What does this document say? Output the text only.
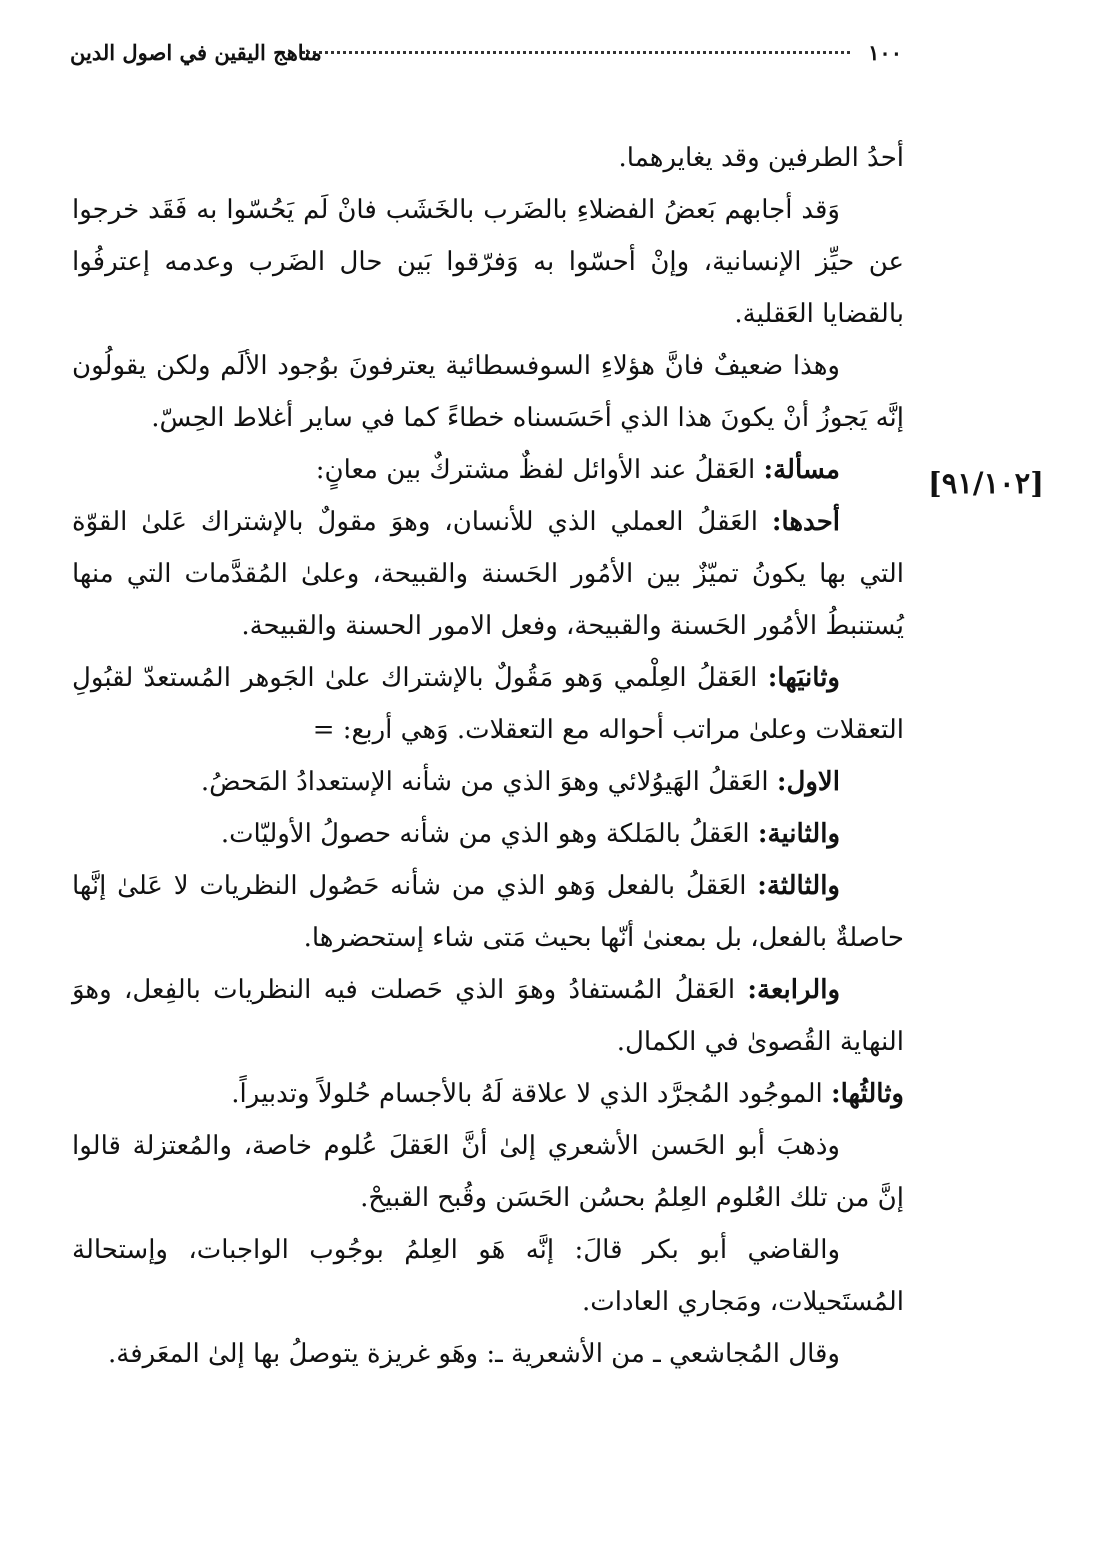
١٠٠
مناهج اليقين في اصول الدين
[٩١/١٠٢]

أحدُ الطرفين وقد يغايرهما.

وَقد أجابهم بَعضُ الفضلاءِ بالضَرب بالخَشَب فانْ لَم يَحُسّوا به فَقَد خرجوا عن حيِّز الإنسانية، وإنْ أحسّوا به وَفرّقوا بَين حال الضَرب وعدمه إعترفُوا بالقضايا العَقلية.

وهذا ضعيفٌ فانَّ هؤلاءِ السوفسطائية يعترفونَ بوُجود الألَم ولكن يقولُون إنَّه يَجوزُ أنْ يكونَ هذا الذي أحَسَسناه خطاءً كما في ساير أغلاط الحِسّ.

مسألة: العَقلُ عند الأوائل لفظٌ مشتركٌ بين معانٍ:

أحدها: العَقلُ العملي الذي للأنسان، وهوَ مقولٌ بالإشتراك عَلىٰ القوّة التي بها يكونُ تميّزٌ بين الأمُور الحَسنة والقبيحة، وعلىٰ المُقدَّمات التي منها يُستنبطُ الأمُور الحَسنة والقبيحة، وفعل الامور الحسنة والقبيحة.

وثانيَها: العَقلُ العِلْمي وَهو مَقُولٌ بالإشتراك علىٰ الجَوهر المُستعدّ لقبُولِ التعقلات وعلىٰ مراتب أحواله مع التعقلات. وَهي أربع: =

الاول: العَقلُ الهَيوُلائي وهوَ الذي من شأنه الإستعدادُ المَحضُ.

والثانية: العَقلُ بالمَلكة وهو الذي من شأنه حصولُ الأوليّات.

والثالثة: العَقلُ بالفعل وَهو الذي من شأنه حَصُول النظريات لا عَلىٰ إنَّها حاصلةٌ بالفعل، بل بمعنىٰ أنّها بحيث مَتى شاء إستحضرها.

والرابعة: العَقلُ المُستفادُ وهوَ الذي حَصلت فيه النظريات بالفِعل، وهوَ النهاية القُصوىٰ في الكمال.

وثالثُها: الموجُود المُجرَّد الذي لا علاقة لَهُ بالأجسام حُلولاً وتدبيراً.

وذهبَ أبو الحَسن الأشعري إلىٰ أنَّ العَقلَ عُلوم خاصة، والمُعتزلة قالوا إنَّ من تلك العُلوم العِلمُ بحسُن الحَسَن وقُبح القبيحْ.

والقاضي أبو بكر قالَ: إنَّه هَو العِلمُ بوجُوب الواجبات، وإستحالة المُستَحيلات، ومَجاري العادات.

وقال المُجاشعي ـ من الأشعرية ـ: وهَو غريزة يتوصلُ بها إلىٰ المعَرفة.
